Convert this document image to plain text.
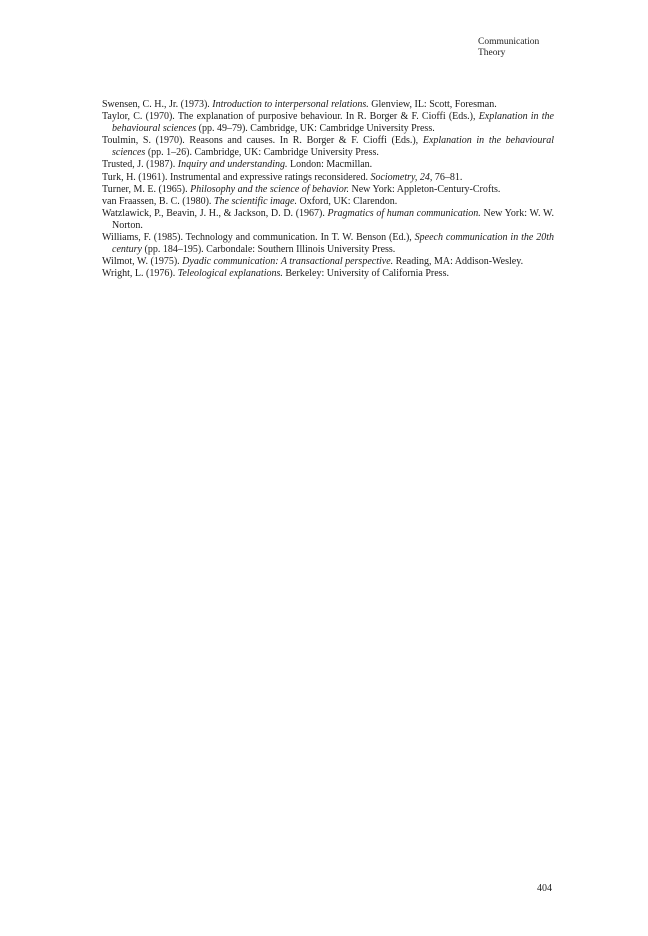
Communication
Theory
Swensen, C. H., Jr. (1973). Introduction to interpersonal relations. Glenview, IL: Scott, Foresman.
Taylor, C. (1970). The explanation of purposive behaviour. In R. Borger & F. Cioffi (Eds.), Explanation in the behavioural sciences (pp. 49–79). Cambridge, UK: Cambridge University Press.
Toulmin, S. (1970). Reasons and causes. In R. Borger & F. Cioffi (Eds.), Explanation in the behavioural sciences (pp. 1–26). Cambridge, UK: Cambridge University Press.
Trusted, J. (1987). Inquiry and understanding. London: Macmillan.
Turk, H. (1961). Instrumental and expressive ratings reconsidered. Sociometry, 24, 76–81.
Turner, M. E. (1965). Philosophy and the science of behavior. New York: Appleton-Century-Crofts.
van Fraassen, B. C. (1980). The scientific image. Oxford, UK: Clarendon.
Watzlawick, P., Beavin, J. H., & Jackson, D. D. (1967). Pragmatics of human communication. New York: W. W. Norton.
Williams, F. (1985). Technology and communication. In T. W. Benson (Ed.), Speech communication in the 20th century (pp. 184–195). Carbondale: Southern Illinois University Press.
Wilmot, W. (1975). Dyadic communication: A transactional perspective. Reading, MA: Addison-Wesley.
Wright, L. (1976). Teleological explanations. Berkeley: University of California Press.
404
